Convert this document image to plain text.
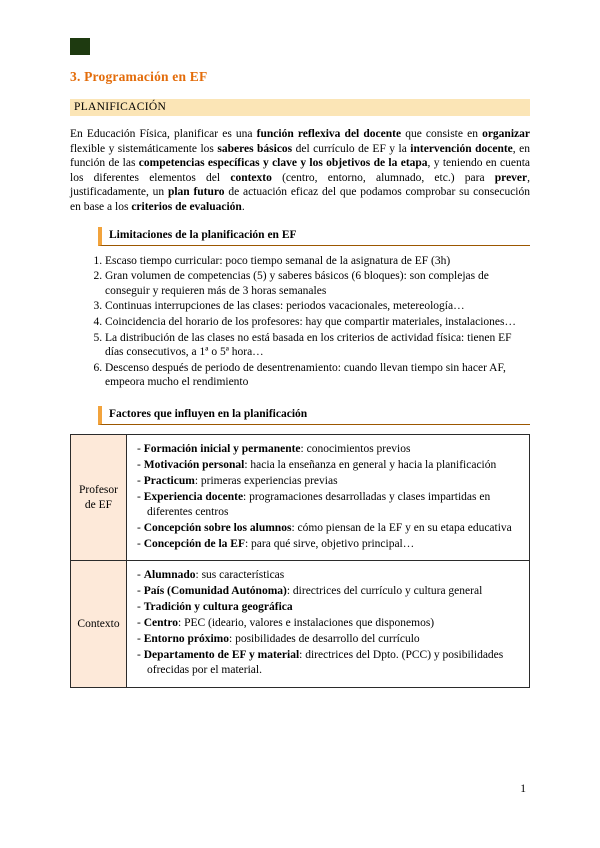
3. Programación en EF
PLANIFICACIÓN

En Educación Física, planificar es una función reflexiva del docente que consiste en organizar flexible y sistemáticamente los saberes básicos del currículo de EF y la intervención docente, en función de las competencias específicas y clave y los objetivos de la etapa, y teniendo en cuenta los diferentes elementos del contexto (centro, entorno, alumnado, etc.) para prever, justificadamente, un plan futuro de actuación eficaz del que podamos comprobar su consecución en base a los criterios de evaluación.

Limitaciones de la planificación en EF
1. Escaso tiempo curricular: poco tiempo semanal de la asignatura de EF (3h)
2. Gran volumen de competencias (5) y saberes básicos (6 bloques): son complejas de conseguir y requieren más de 3 horas semanales
3. Continuas interrupciones de las clases: periodos vacacionales, metereología…
4. Coincidencia del horario de los profesores: hay que compartir materiales, instalaciones…
5. La distribución de las clases no está basada en los criterios de actividad física: tienen EF días consecutivos, a 1ª o 5ª hora…
6. Descenso después de periodo de desentrenamiento: cuando llevan tiempo sin hacer AF, empeora mucho el rendimiento
Factores que influyen en la planificación
Profesor de EF	
- Formación inicial y permanente: conocimientos previos
- Motivación personal: hacia la enseñanza en general y hacia la planificación
- Practicum: primeras experiencias previas
- Experiencia docente: programaciones desarrolladas y clases impartidas en diferentes centros
- Concepción sobre los alumnos: cómo piensan de la EF y en su etapa educativa
- Concepción de la EF: para qué sirve, objetivo principal…

Contexto	
- Alumnado: sus características
- País (Comunidad Autónoma): directrices del currículo y cultura general
- Tradición y cultura geográfica
- Centro: PEC (ideario, valores e instalaciones que disponemos)
- Entorno próximo: posibilidades de desarrollo del currículo
- Departamento de EF y material: directrices del Dpto. (PCC) y posibilidades ofrecidas por el material.
1
